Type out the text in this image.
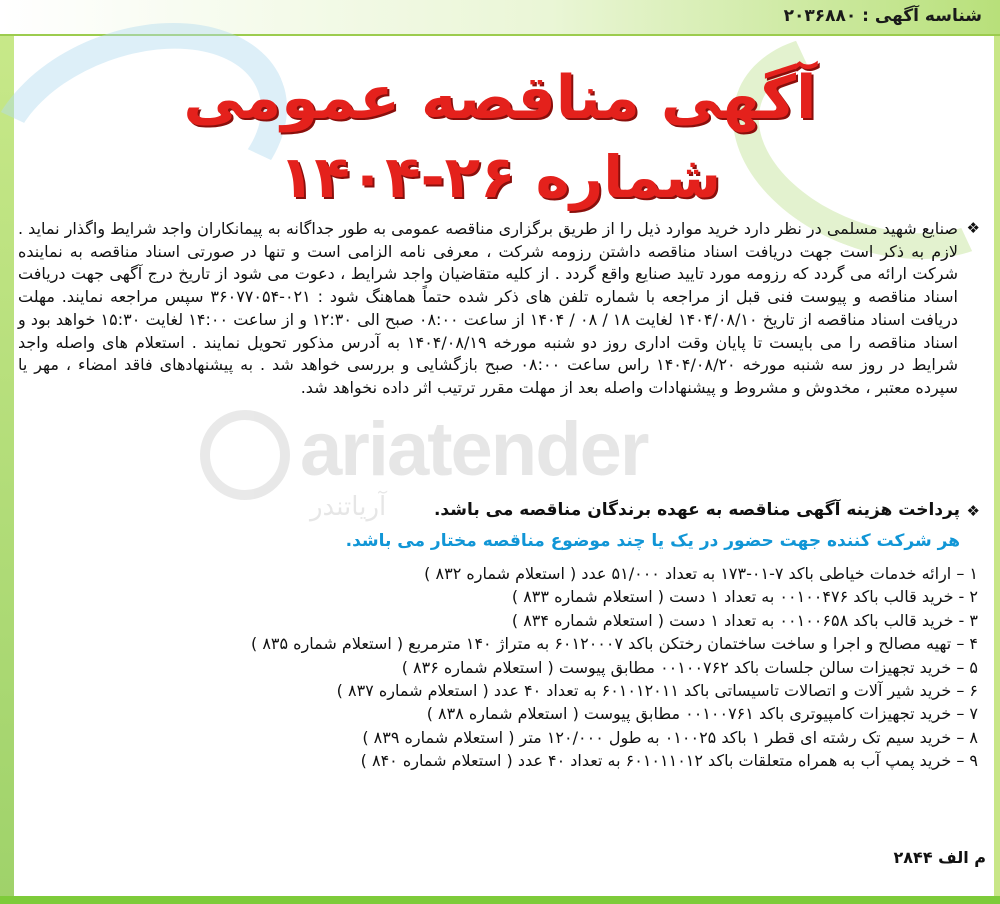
شناسه آگهی : ۲۰۳۶۸۸۰
آگهی مناقصه عمومی
شماره ۲۶-۱۴۰۴
ariatender
آریاتندر
❖
صنایع شهید مسلمی در نظر دارد خرید موارد ذیل را از طریق برگزاری مناقصه عمومی به طور جداگانه به پیمانکاران واجد شرایط واگذار نماید . لازم به ذکر است جهت دریافت اسناد مناقصه داشتن رزومه شرکت ، معرفی نامه الزامی است و تنها در صورتی اسناد مناقصه به نماینده شرکت ارائه می گردد که رزومه مورد تایید صنایع واقع گردد . از کلیه متقاضیان واجد شرایط ، دعوت می شود از تاریخ درج آگهی جهت دریافت اسناد مناقصه و پیوست فنی قبل از مراجعه با شماره تلفن های ذکر شده حتماً هماهنگ شود : ۰۲۱-۳۶۰۷۷۰۵۴ سپس مراجعه نمایند. مهلت دریافت اسناد مناقصه از تاریخ ۱۴۰۴/۰۸/۱۰ لغایت ۱۸ / ۰۸ / ۱۴۰۴ از ساعت ۰۸:۰۰ صبح الی ۱۲:۳۰ و از ساعت ۱۴:۰۰ لغایت ۱۵:۳۰ خواهد بود و اسناد مناقصه را می بایست تا پایان وقت اداری روز دو شنبه مورخه ۱۴۰۴/۰۸/۱۹ به آدرس مذکور تحویل نمایند . استعلام های واصله واجد شرایط در روز سه شنبه مورخه ۱۴۰۴/۰۸/۲۰ راس ساعت ۰۸:۰۰ صبح بازگشایی و بررسی خواهد شد . به پیشنهادهای فاقد امضاء ، مهر یا سپرده معتبر ، مخدوش و مشروط و پیشنهادات واصله بعد از مهلت مقرر ترتیب اثر داده نخواهد شد.
❖
پرداخت هزینه آگهی مناقصه به عهده برندگان مناقصه می باشد.
هر شرکت کننده جهت حضور در یک یا چند موضوع مناقصه مختار می باشد.
۱ – ارائه خدمات خیاطی باکد ۷-۰۱-۱۷۳ به تعداد ۵۱/۰۰۰ عدد ( استعلام شماره ۸۳۲ )
۲ - خرید قالب باکد ۰۰۱۰۰۴۷۶ به تعداد ۱ دست ( استعلام شماره ۸۳۳ )
۳ - خرید قالب باکد ۰۰۱۰۰۶۵۸ به تعداد ۱ دست ( استعلام شماره ۸۳۴ )
۴ – تهیه مصالح و اجرا و ساخت ساختمان رختکن باکد ۶۰۱۲۰۰۰۷ به متراژ ۱۴۰ مترمربع ( استعلام شماره ۸۳۵ )
۵ – خرید تجهیزات سالن جلسات باکد ۰۰۱۰۰۷۶۲ مطابق پیوست ( استعلام شماره ۸۳۶ )
۶ – خرید شیر آلات و اتصالات تاسیساتی باکد ۶۰۱۰۱۲۰۱۱ به تعداد ۴۰ عدد ( استعلام شماره ۸۳۷ )
۷ – خرید تجهیزات کامپیوتری باکد ۰۰۱۰۰۷۶۱ مطابق پیوست ( استعلام شماره ۸۳۸ )
۸ – خرید سیم تک رشته ای قطر ۱ باکد ۰۱۰۰۲۵ به طول ۱۲۰/۰۰۰ متر ( استعلام شماره ۸۳۹ )
۹ – خرید پمپ آب به همراه متعلقات باکد ۶۰۱۰۱۱۰۱۲ به تعداد ۴۰ عدد ( استعلام شماره ۸۴۰ )
م الف ۲۸۴۴
